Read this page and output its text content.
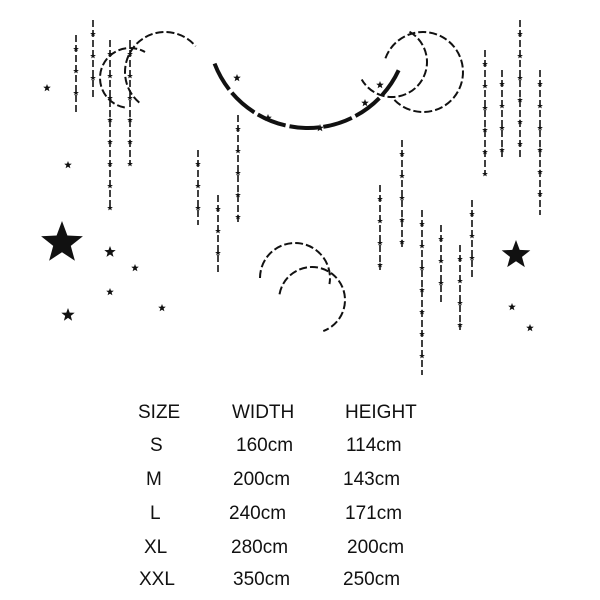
SIZE	WIDTH	HEIGHT
S	160cm	114cm
M	200cm	143cm
L	240cm	171cm
XL	280cm	200cm
XXL	350cm	250cm
